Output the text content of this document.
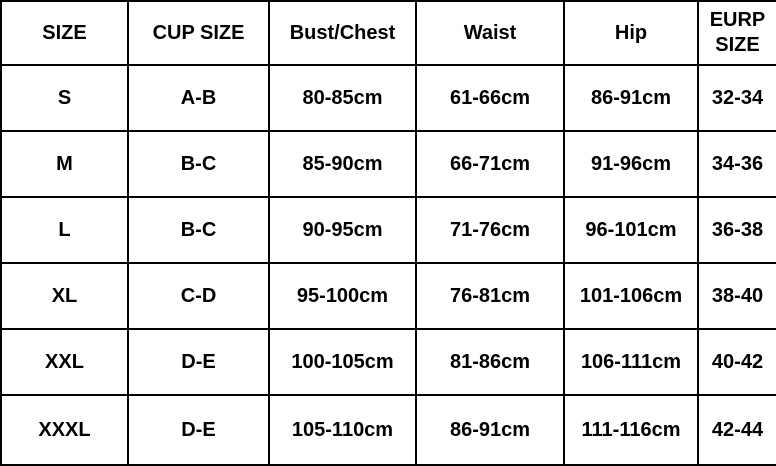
SIZE	CUP SIZE	Bust/Chest	Waist	Hip	EURP SIZE
S	A-B	80-85cm	61-66cm	86-91cm	32-34
M	B-C	85-90cm	66-71cm	91-96cm	34-36
L	B-C	90-95cm	71-76cm	96-101cm	36-38
XL	C-D	95-100cm	76-81cm	101-106cm	38-40
XXL	D-E	100-105cm	81-86cm	106-111cm	40-42
XXXL	D-E	105-110cm	86-91cm	111-116cm	42-44
